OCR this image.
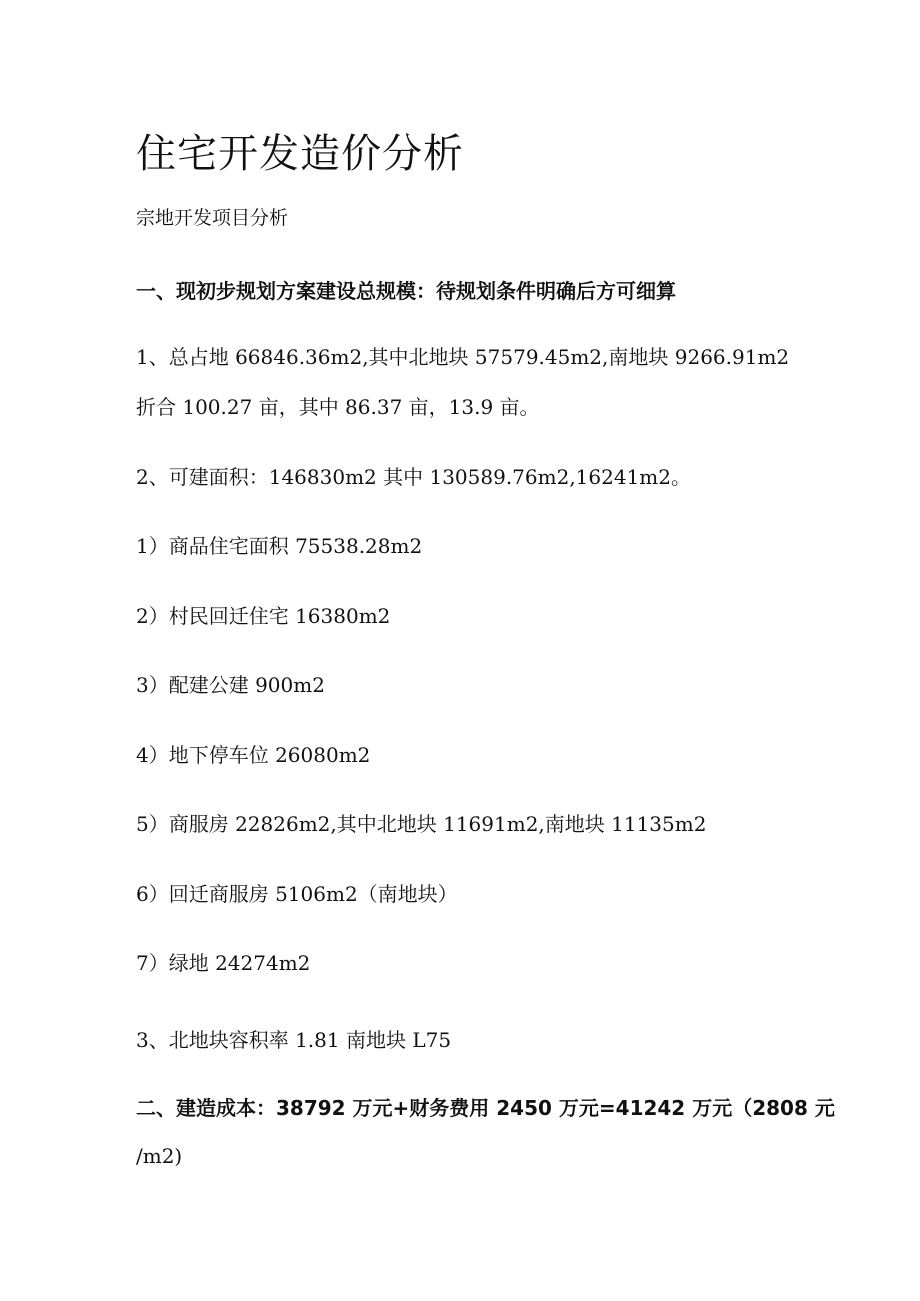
住宅开发造价分析

宗地开发项目分析

一、现初步规划方案建设总规模：待规划条件明确后方可细算

1、总占地 66846.36m2,其中北地块 57579.45m2,南地块 9266.91m2

折合 100.27 亩，其中 86.37 亩，13.9 亩。

2、可建面积：146830m2 其中 130589.76m2,16241m2。

1）商品住宅面积 75538.28m2

2）村民回迁住宅 16380m2

3）配建公建 900m2

4）地下停车位 26080m2

5）商服房 22826m2,其中北地块 11691m2,南地块 11135m2

6）回迁商服房 5106m2（南地块）

7）绿地 24274m2

3、北地块容积率 1.81 南地块 L75

二、建造成本：38792 万元+财务费用 2450 万元=41242 万元（2808 元

/m2)
